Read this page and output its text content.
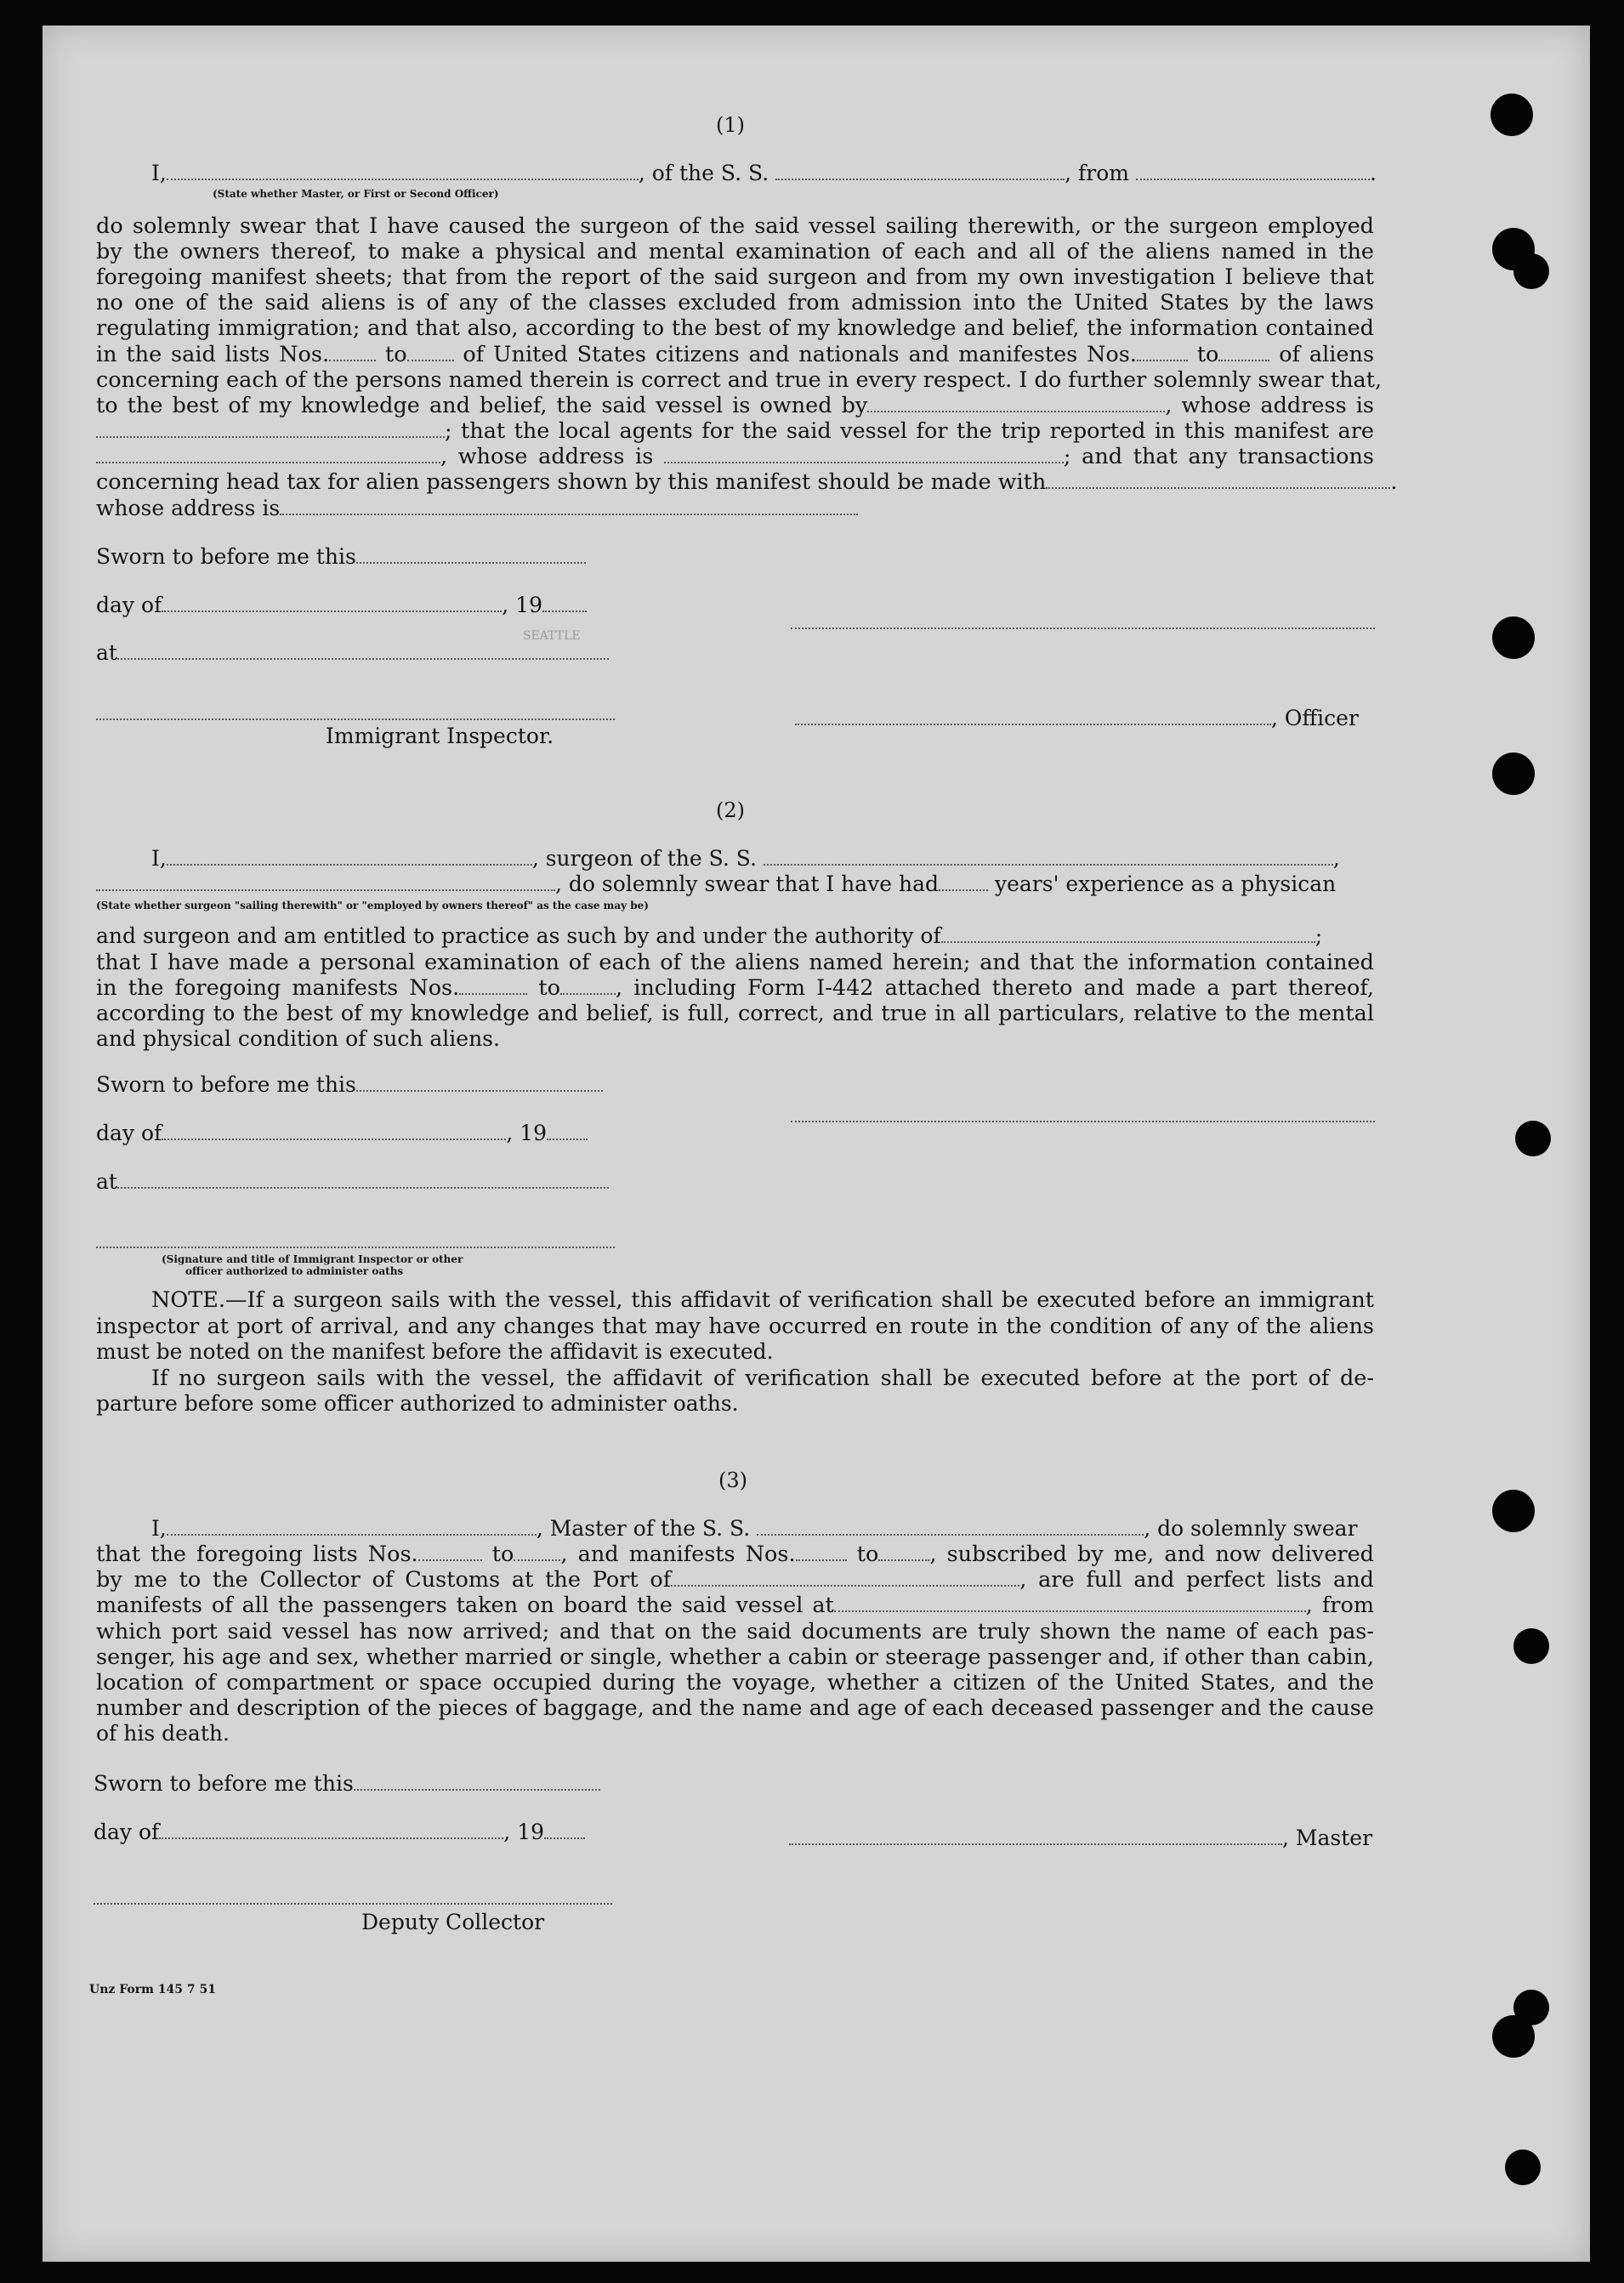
(1)
I,	, of the S. S.	, from	.
(State whether Master, or First or Second Officer)
do solemnly swear that I have caused the surgeon of the said vessel sailing therewith, or the surgeon employed
by the owners thereof, to make a physical and mental examination of each and all of the aliens named in the
foregoing manifest sheets; that from the report of the said surgeon and from my own investigation I believe that
no one of the said aliens is of any of the classes excluded from admission into the United States by the laws
regulating immigration; and that also, according to the best of my knowledge and belief, the information contained
in the said lists Nos.	to	of United States citizens and nationals and manifestes Nos.	to	of aliens
concerning each of the persons named therein is correct and true in every respect. I do further solemnly swear that,
to the best of my knowledge and belief, the said vessel is owned by	, whose address is
; that the local agents for the said vessel for the trip reported in this manifest are
, whose address is	; and that any transactions
concerning head tax for alien passengers shown by this manifest should be made with	.
whose address is
Sworn to before me this
day of	, 19
at
SEATTLE
, Officer
Immigrant Inspector.
(2)
I,	, surgeon of the S. S.	,
, do solemnly swear that I have had	years' experience as a physican
(State whether surgeon "sailing therewith" or "employed by owners thereof" as the case may be)
and surgeon and am entitled to practice as such by and under the authority of	;
that I have made a personal examination of each of the aliens named herein; and that the information contained
in the foregoing manifests Nos.	to	, including Form I-442 attached thereto and made a part thereof,
according to the best of my knowledge and belief, is full, correct, and true in all particulars, relative to the mental
and physical condition of such aliens.
Sworn to before me this
day of	, 19
at
(Signature and title of Immigrant Inspector or other
officer authorized to administer oaths
NOTE.—If a surgeon sails with the vessel, this affidavit of verification shall be executed before an immigrant
inspector at port of arrival, and any changes that may have occurred en route in the condition of any of the aliens
must be noted on the manifest before the affidavit is executed.
If no surgeon sails with the vessel, the affidavit of verification shall be executed before at the port of de-
parture before some officer authorized to administer oaths.
(3)
I,	, Master of the S. S.	, do solemnly swear
that the foregoing lists Nos.	to , and manifests Nos.	to , subscribed by me, and now delivered
by me to the Collector of Customs at the Port of	, are full and perfect lists and
manifests of all the passengers taken on board the said vessel at	, from
which port said vessel has now arrived; and that on the said documents are truly shown the name of each pas-
senger, his age and sex, whether married or single, whether a cabin or steerage passenger and, if other than cabin,
location of compartment or space occupied during the voyage, whether a citizen of the United States, and the
number and description of the pieces of baggage, and the name and age of each deceased passenger and the cause
of his death.
Sworn to before me this
day of	, 19	, Master
Deputy Collector
Unz Form 145 7 51
